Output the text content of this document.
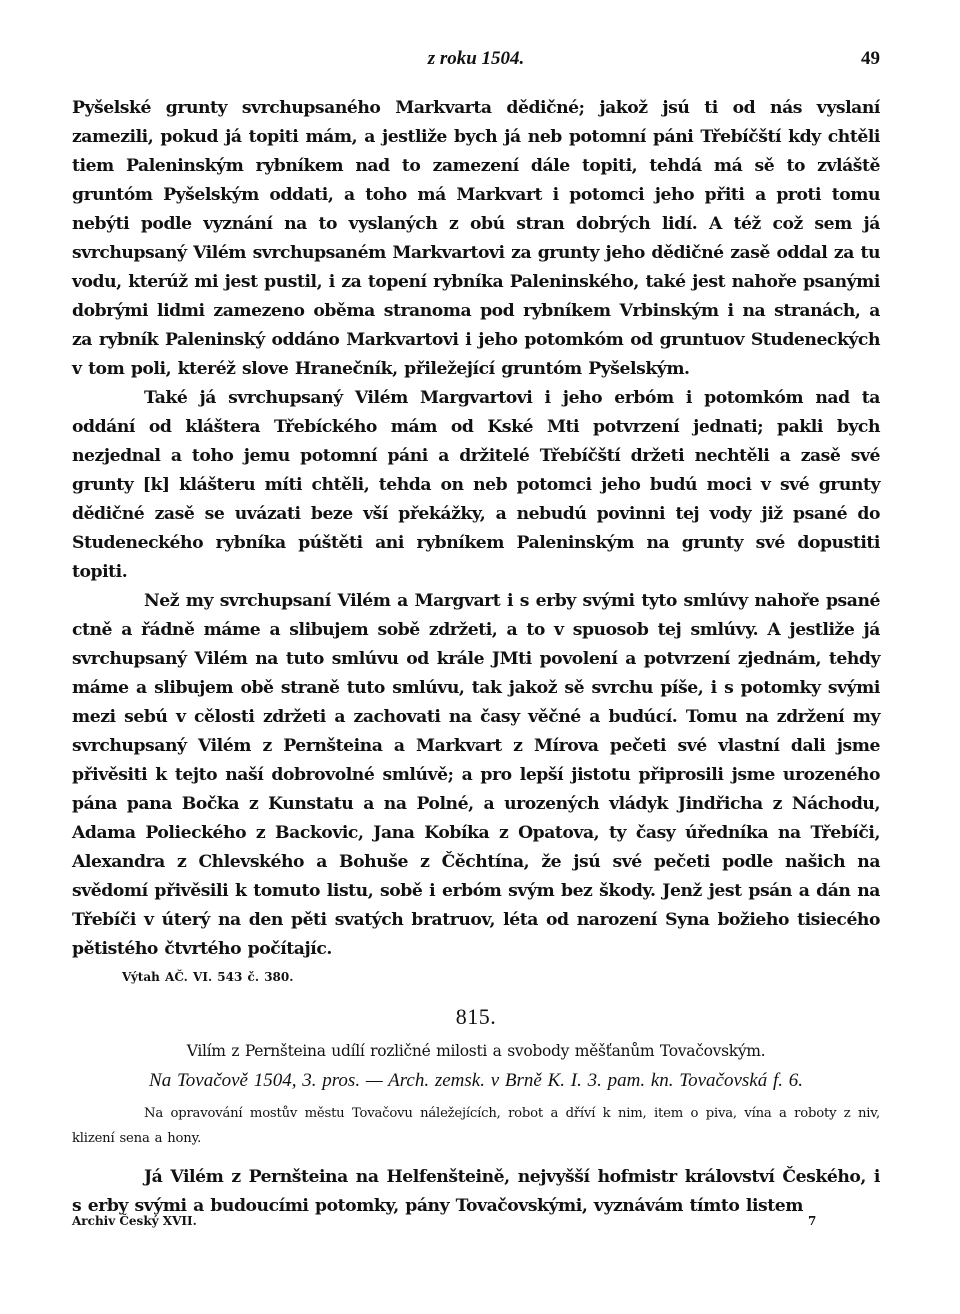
z roku 1504.	49

Pyšelské grunty svrchupsaného Markvarta dědičné; jakož jsú ti od nás vyslaní zamezili, pokud já topiti mám, a jestliže bych já neb potomní páni Třebíčští kdy chtěli tiem Paleninským rybníkem nad to zamezení dále topiti, tehdá má sě to zvláště gruntóm Pyšelským oddati, a toho má Markvart i potomci jeho přiti a proti tomu nebýti podle vyznání na to vyslaných z obú stran dobrých lidí. A též což sem já svrchupsaný Vilém svrchupsaném Markvartovi za grunty jeho dědičné zasě oddal za tu vodu, kterúž mi jest pustil, i za topení rybníka Paleninského, také jest nahoře psanými dobrými lidmi zamezeno oběma stranoma pod rybníkem Vrbinským i na stranách, a za rybník Paleninský oddáno Markvartovi i jeho potomkóm od gruntuov Studeneckých v tom poli, kteréž slove Hranečník, přiležející gruntóm Pyšelským.

Také já svrchupsaný Vilém Margvartovi i jeho erbóm i potomkóm nad ta oddání od kláštera Třebíckého mám od Kské Mti potvrzení jednati; pakli bych nezjednal a toho jemu potomní páni a držitelé Třebíčští držeti nechtěli a zasě své grunty [k] klášteru míti chtěli, tehda on neb potomci jeho budú moci v své grunty dědičné zasě se uvázati beze vší překážky, a nebudú povinni tej vody již psané do Studeneckého rybníka púštěti ani rybníkem Paleninským na grunty své dopustiti topiti.

Než my svrchupsaní Vilém a Margvart i s erby svými tyto smlúvy nahoře psané ctně a řádně máme a slibujem sobě zdržeti, a to v spuosob tej smlúvy. A jestliže já svrchupsaný Vilém na tuto smlúvu od krále JMti povolení a potvrzení zjednám, tehdy máme a slibujem obě straně tuto smlúvu, tak jakož sě svrchu píše, i s potomky svými mezi sebú v cělosti zdržeti a zachovati na časy věčné a budúcí. Tomu na zdržení my svrchupsaný Vilém z Pernšteina a Markvart z Mírova pečeti své vlastní dali jsme přivěsiti k tejto naší dobrovolné smlúvě; a pro lepší jistotu připrosili jsme urozeného pána pana Bočka z Kunstatu a na Polné, a urozených vládyk Jindřicha z Náchodu, Adama Polieckého z Backovic, Jana Kobíka z Opatova, ty časy úředníka na Třebíči, Alexandra z Chlevského a Bohuše z Čěchtína, že jsú své pečeti podle našich na svědomí přivěsili k tomuto listu, sobě i erbóm svým bez škody. Jenž jest psán a dán na Třebíči v úterý na den pěti svatých bratruov, léta od narození Syna božieho tisiecého pětistého čtvrtého počítajíc.

Výtah AČ. VI. 543 č. 380.

815.

Vilím z Pernšteina udílí rozličné milosti a svobody měšťanům Tovačovským.

Na Tovačově 1504, 3. pros. — Arch. zemsk. v Brně K. I. 3. pam. kn. Tovačovská f. 6.

Na opravování mostův městu Tovačovu náležejících, robot a dříví k nim, item o piva, vína a roboty z niv, klizení sena a hony.

Já Vilém z Pernšteina na Helfenšteině, nejvyšší hofmistr království Českého, i s erby svými a budoucími potomky, pány Tovačovskými, vyznávám tímto listem

Archiv Český XVII.	7
